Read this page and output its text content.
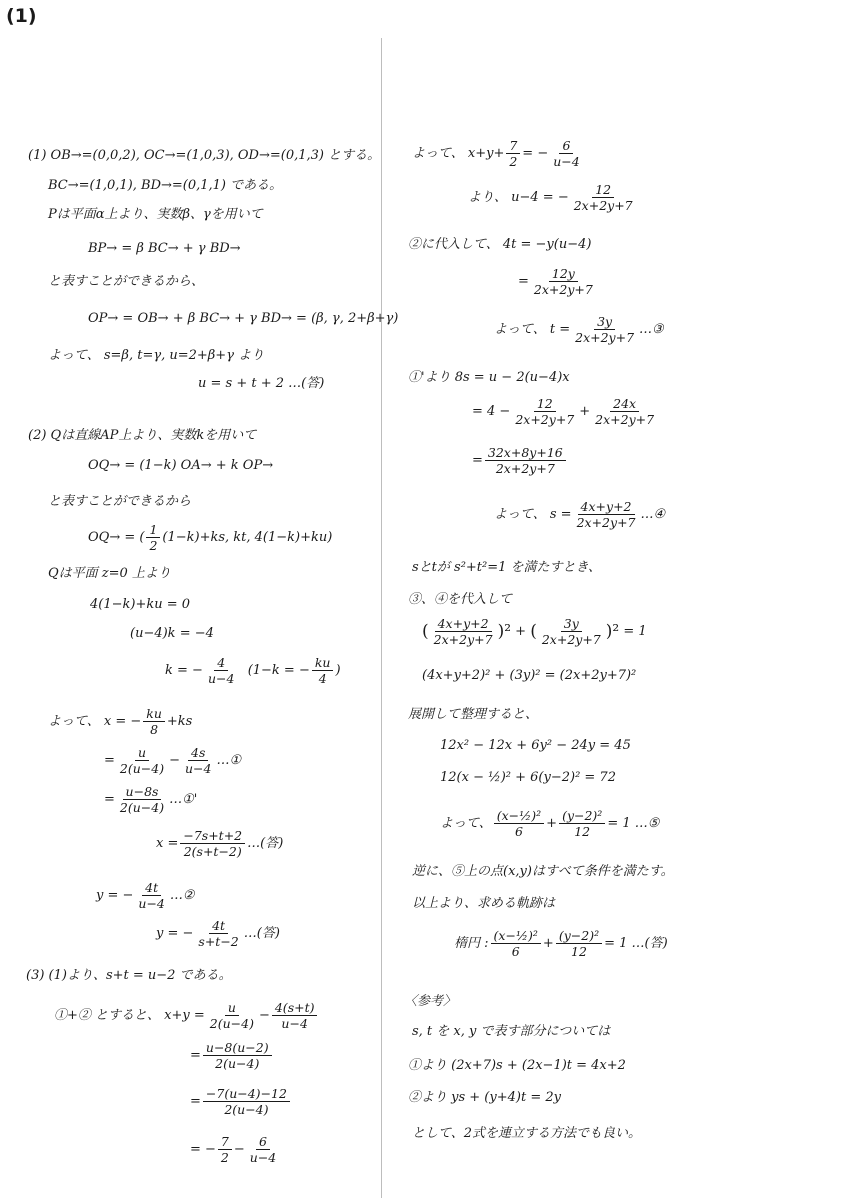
(1)
(1) OB→=(0,0,2), OC→=(1,0,3), OD→=(0,1,3) とする。
BC→=(1,0,1), BD→=(0,1,1) である。
Pは平面α上より、実数β、γを用いて
BP→ = β BC→ + γ BD→
と表すことができるから、
OP→ = OB→ + β BC→ + γ BD→ = (β, γ, 2+β+γ)
よって、 s=β, t=γ, u=2+β+γ より
u = s + t + 2 …(答)
(2) Qは直線AP上より、実数kを用いて
OQ→ = (1−k) OA→ + k OP→
と表すことができるから
OQ→ = ( $\frac{1}{2} (1-k)+ks$, kt, 4(1−k)+ku)
Qは平面 z=0 上より
4(1−k)+ku = 0
(u−4)k = −4
k = − $\frac{4}{u-4} (1-k$ = − $\frac{ku}{4}$ )
よって、 x = − $\frac{ku}{8} +ks$
= $\frac{u}{2(u-4)} - \frac{4s}{u-4}$ …①
= $\frac{u-8s}{2(u-4)}$ …①'
$x = \frac{-7s+t+2}{2(s+t-2)}$ …(答)
y = − $\frac{4t}{u-4}$ …②
y = − $\frac{4t}{s+t-2}$ …(答)
(3) (1)より、s+t = u−2 である。
①+② とすると、 $x+y = \frac{u}{2(u-4)} - \frac{4(s+t)}{u-4}$
= $\frac{u-8(u-2)}{2(u-4)}$
= $\frac{-7(u-4)-12}{2(u-4)}$
= − $\frac{7}{2} - \frac{6}{u-4}$
よって、 $x+y+ \frac{7}{2}$ = − $\frac{6}{u-4}$
より、 u−4 = − $\frac{12}{2x+2y+7}$
②に代入して、 4t = −y(u−4)
= $\frac{12y}{2x+2y+7}$
よって、 $t = \frac{3y}{2x+2y+7}$ …③
①'より 8s = u − 2(u−4)x
= $4 - \frac{12}{2x+2y+7} + \frac{24x}{2x+2y+7}$
= $\frac{32x+8y+16}{2x+2y+7}$
よって、 $s = \frac{4x+y+2}{2x+2y+7}$ …④
sとtが s²+t²=1 を満たすとき、
③、④を代入して
( $\frac{4x+y+2}{2x+2y+7} )^2$ + ( $\frac{3y}{2x+2y+7} )^2 = 1$
(4x+y+2)² + (3y)² = (2x+2y+7)²
展開して整理すると、
12x² − 12x + 6y² − 24y = 45
12(x − ½)² + 6(y−2)² = 72
よって、 $\frac{\text{(x−½)²}}{6} + \frac{\text{(y−2)²}}{12} = 1$ …⑤
逆に、⑤上の点(x,y)はすべて条件を満たす。
以上より、求める軌跡は
楕円 : $\frac{\text{(x−½)²}}{6} + \frac{\text{(y−2)²}}{12} = 1$ …(答)
〈参考〉
s, t を x, y で表す部分については
①より (2x+7)s + (2x−1)t = 4x+2
②より ys + (y+4)t = 2y
として、2式を連立する方法でも良い。
